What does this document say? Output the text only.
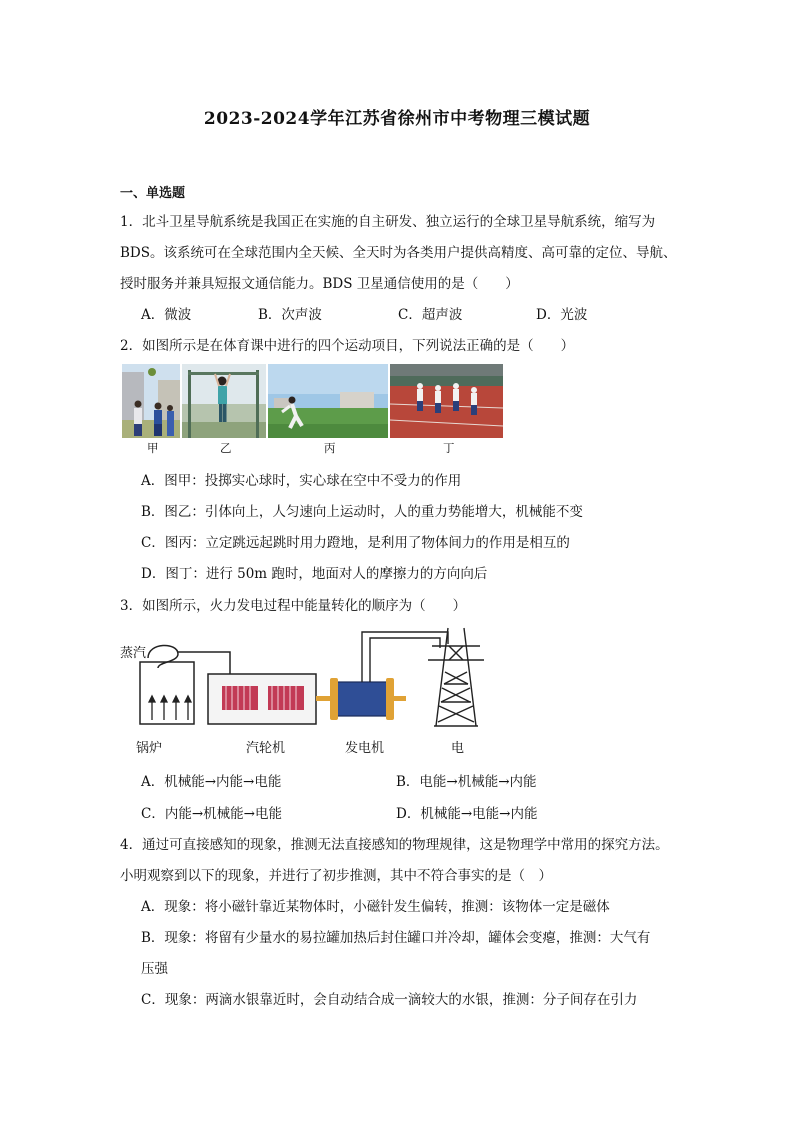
2023-2024学年江苏省徐州市中考物理三模试题
一、单选题
1．北斗卫星导航系统是我国正在实施的自主研发、独立运行的全球卫星导航系统，缩写为
BDS。该系统可在全球范围内全天候、全天时为各类用户提供高精度、高可靠的定位、导航、
授时服务并兼具短报文通信能力。BDS 卫星通信使用的是（　　）
A．微波	B．次声波	C．超声波	D．光波
2．如图所示是在体育课中进行的四个运动项目，下列说法正确的是（　　）
甲	乙	丙	丁
A．图甲：投掷实心球时，实心球在空中不受力的作用
B．图乙：引体向上，人匀速向上运动时，人的重力势能增大，机械能不变
C．图丙：立定跳远起跳时用力蹬地，是利用了物体间力的作用是相互的
D．图丁：进行 50m 跑时，地面对人的摩擦力的方向向后
3．如图所示，火力发电过程中能量转化的顺序为（　　）
蒸汽
锅炉	汽轮机	发电机	电
A．机械能→内能→电能	B．电能→机械能→内能
C．内能→机械能→电能	D．机械能→电能→内能
4．通过可直接感知的现象，推测无法直接感知的物理规律，这是物理学中常用的探究方法。
小明观察到以下的现象，并进行了初步推测，其中不符合事实的是（　）
A．现象：将小磁针靠近某物体时，小磁针发生偏转，推测：该物体一定是磁体
B．现象：将留有少量水的易拉罐加热后封住罐口并冷却，罐体会变瘪，推测：大气有
压强
C．现象：两滴水银靠近时，会自动结合成一滴较大的水银，推测：分子间存在引力
